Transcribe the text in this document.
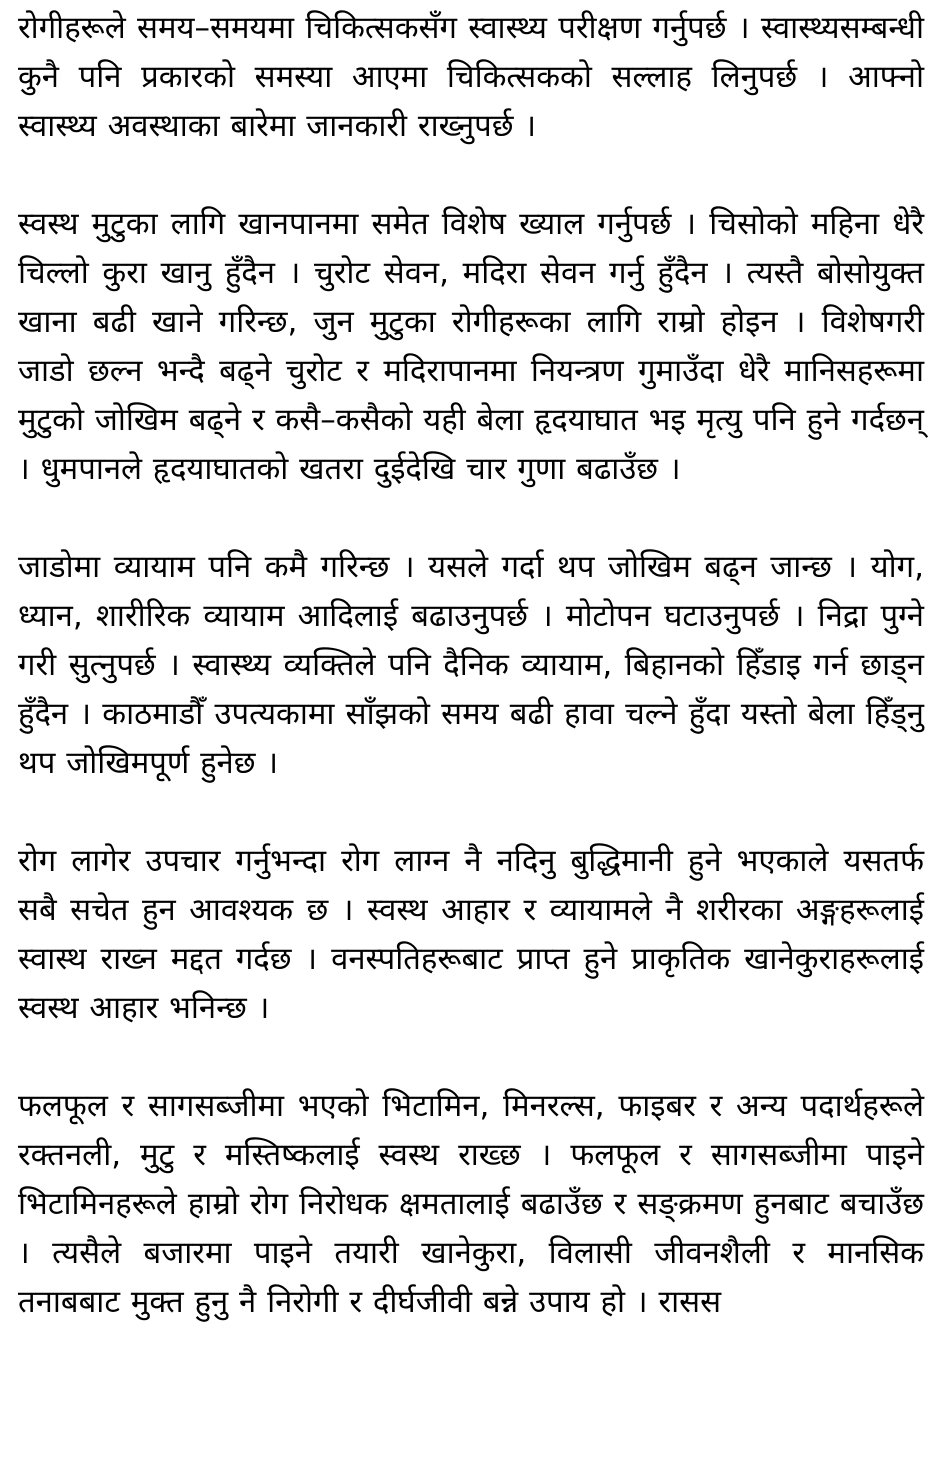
रोगीहरूले समय–समयमा चिकित्सकसँग स्वास्थ्य परीक्षण गर्नुपर्छ । स्वास्थ्यसम्बन्धी कुनै पनि प्रकारको समस्या आएमा चिकित्सकको सल्लाह लिनुपर्छ । आफ्नो स्वास्थ्य अवस्थाका बारेमा जानकारी राख्नुपर्छ ।

स्वस्थ मुटुका लागि खानपानमा समेत विशेष ख्याल गर्नुपर्छ । चिसोको महिना धेरै चिल्लो कुरा खानु हुँदैन । चुरोट सेवन, मदिरा सेवन गर्नु हुँदैन । त्यस्तै बोसोयुक्त खाना बढी खाने गरिन्छ, जुन मुटुका रोगीहरूका लागि राम्रो होइन । विशेषगरी जाडो छल्न भन्दै बढ्ने चुरोट र मदिरापानमा नियन्त्रण गुमाउँदा धेरै मानिसहरूमा मुटुको जोखिम बढ्ने र कसै–कसैको यही बेला हृदयाघात भइ मृत्यु पनि हुने गर्दछन् । धुमपानले हृदयाघातको खतरा दुईदेखि चार गुणा बढाउँछ ।

जाडोमा व्यायाम पनि कमै गरिन्छ । यसले गर्दा थप जोखिम बढ्न जान्छ । योग, ध्यान, शारीरिक व्यायाम आदिलाई बढाउनुपर्छ । मोटोपन घटाउनुपर्छ । निद्रा पुग्ने गरी सुत्नुपर्छ । स्वास्थ्य व्यक्तिले पनि दैनिक व्यायाम, बिहानको हिँडाइ गर्न छाड्न हुँदैन । काठमाडौँ उपत्यकामा साँझको समय बढी हावा चल्ने हुँदा यस्तो बेला हिँड्नु थप जोखिमपूर्ण हुनेछ ।

रोग लागेर उपचार गर्नुभन्दा रोग लाग्न नै नदिनु बुद्धिमानी हुने भएकाले यसतर्फ सबै सचेत हुन आवश्यक छ । स्वस्थ आहार र व्यायामले नै शरीरका अङ्गहरूलाई स्वास्थ राख्न मद्दत गर्दछ । वनस्पतिहरूबाट प्राप्त हुने प्राकृतिक खानेकुराहरूलाई स्वस्थ आहार भनिन्छ ।

फलफूल र सागसब्जीमा भएको भिटामिन, मिनरल्स, फाइबर र अन्य पदार्थहरूले रक्तनली, मुटु र मस्तिष्कलाई स्वस्थ राख्छ । फलफूल र सागसब्जीमा पाइने भिटामिनहरूले हाम्रो रोग निरोधक क्षमतालाई बढाउँछ र सङ्क्रमण हुनबाट बचाउँछ । त्यसैले बजारमा पाइने तयारी खानेकुरा, विलासी जीवनशैली र मानसिक तनाबबाट मुक्त हुनु नै निरोगी र दीर्घजीवी बन्ने उपाय हो । रासस
